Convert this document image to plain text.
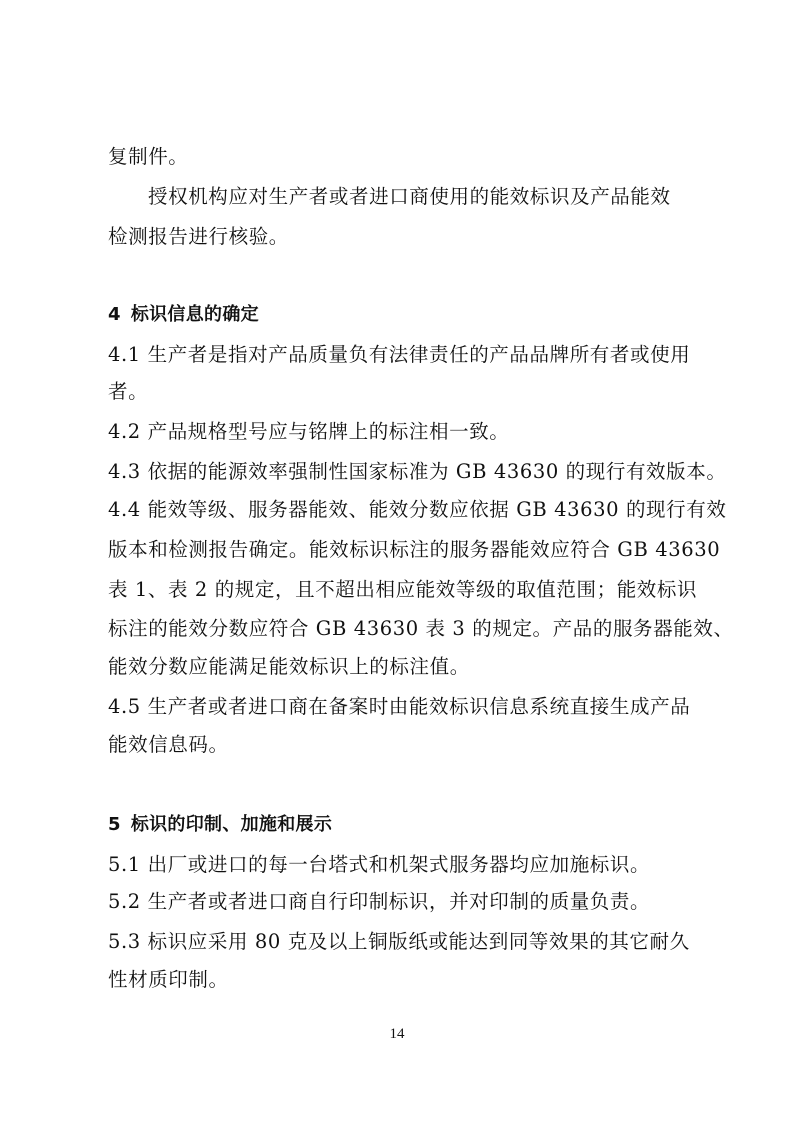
复制件。
授权机构应对生产者或者进口商使用的能效标识及产品能效
检测报告进行核验。
4 标识信息的确定
4.1 生产者是指对产品质量负有法律责任的产品品牌所有者或使用
者。
4.2 产品规格型号应与铭牌上的标注相一致。
4.3 依据的能源效率强制性国家标准为 GB 43630 的现行有效版本。
4.4 能效等级、服务器能效、能效分数应依据 GB 43630 的现行有效
版本和检测报告确定。能效标识标注的服务器能效应符合 GB 43630
表 1、表 2 的规定，且不超出相应能效等级的取值范围；能效标识
标注的能效分数应符合 GB 43630 表 3 的规定。产品的服务器能效、
能效分数应能满足能效标识上的标注值。
4.5 生产者或者进口商在备案时由能效标识信息系统直接生成产品
能效信息码。
5 标识的印制、加施和展示
5.1 出厂或进口的每一台塔式和机架式服务器均应加施标识。
5.2 生产者或者进口商自行印制标识，并对印制的质量负责。
5.3 标识应采用 80 克及以上铜版纸或能达到同等效果的其它耐久
性材质印制。
14
